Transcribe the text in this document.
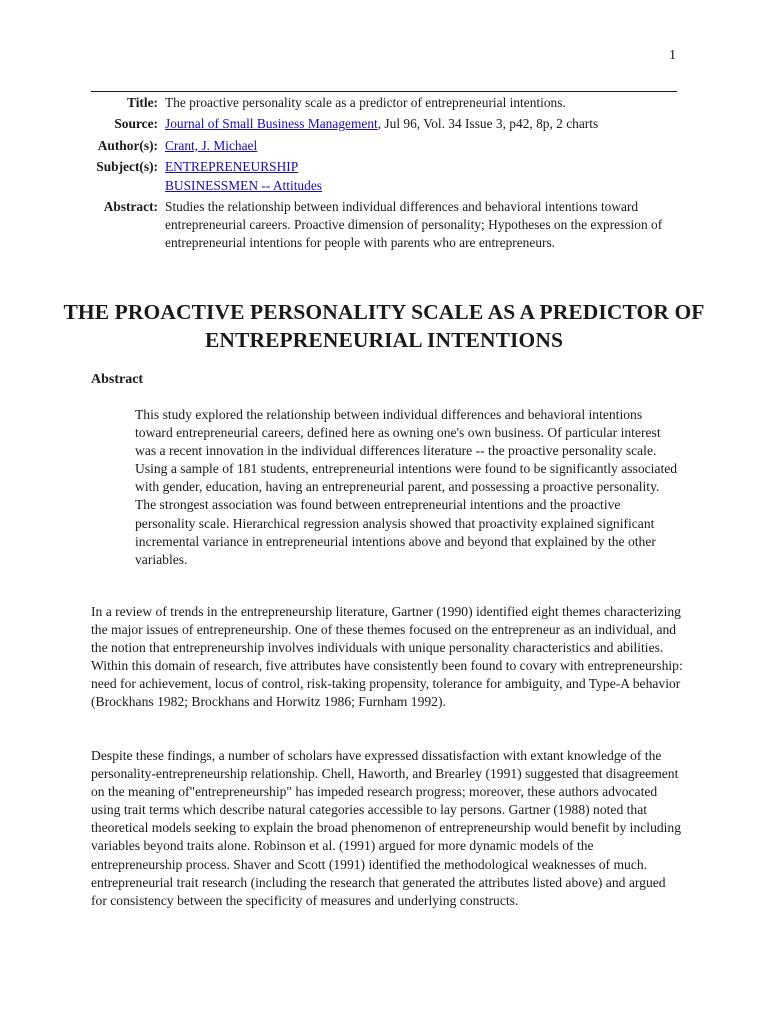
1
Title: The proactive personality scale as a predictor of entrepreneurial intentions.
Source: Journal of Small Business Management, Jul 96, Vol. 34 Issue 3, p42, 8p, 2 charts
Author(s): Crant, J. Michael
Subject(s): ENTREPRENEURSHIP
BUSINESSMEN -- Attitudes
Abstract: Studies the relationship between individual differences and behavioral intentions toward entrepreneurial careers. Proactive dimension of personality; Hypotheses on the expression of entrepreneurial intentions for people with parents who are entrepreneurs.
THE PROACTIVE PERSONALITY SCALE AS A PREDICTOR OF ENTREPRENEURIAL INTENTIONS
Abstract

This study explored the relationship between individual differences and behavioral intentions toward entrepreneurial careers, defined here as owning one's own business. Of particular interest was a recent innovation in the individual differences literature -- the proactive personality scale. Using a sample of 181 students, entrepreneurial intentions were found to be significantly associated with gender, education, having an entrepreneurial parent, and possessing a proactive personality. The strongest association was found between entrepreneurial intentions and the proactive personality scale. Hierarchical regression analysis showed that proactivity explained significant incremental variance in entrepreneurial intentions above and beyond that explained by the other variables.

In a review of trends in the entrepreneurship literature, Gartner (1990) identified eight themes characterizing the major issues of entrepreneurship. One of these themes focused on the entrepreneur as an individual, and the notion that entrepreneurship involves individuals with unique personality characteristics and abilities. Within this domain of research, five attributes have consistently been found to covary with entrepreneurship: need for achievement, locus of control, risk-taking propensity, tolerance for ambiguity, and Type-A behavior (Brockhans 1982; Brockhans and Horwitz 1986; Furnham 1992).

Despite these findings, a number of scholars have expressed dissatisfaction with extant knowledge of the personality-entrepreneurship relationship. Chell, Haworth, and Brearley (1991) suggested that disagreement on the meaning of"entrepreneurship" has impeded research progress; moreover, these authors advocated using trait terms which describe natural categories accessible to lay persons. Gartner (1988) noted that theoretical models seeking to explain the broad phenomenon of entrepreneurship would benefit by including variables beyond traits alone. Robinson et al. (1991) argued for more dynamic models of the entrepreneurship process. Shaver and Scott (1991) identified the methodological weaknesses of much. entrepreneurial trait research (including the research that generated the attributes listed above) and argued for consistency between the specificity of measures and underlying constructs.
